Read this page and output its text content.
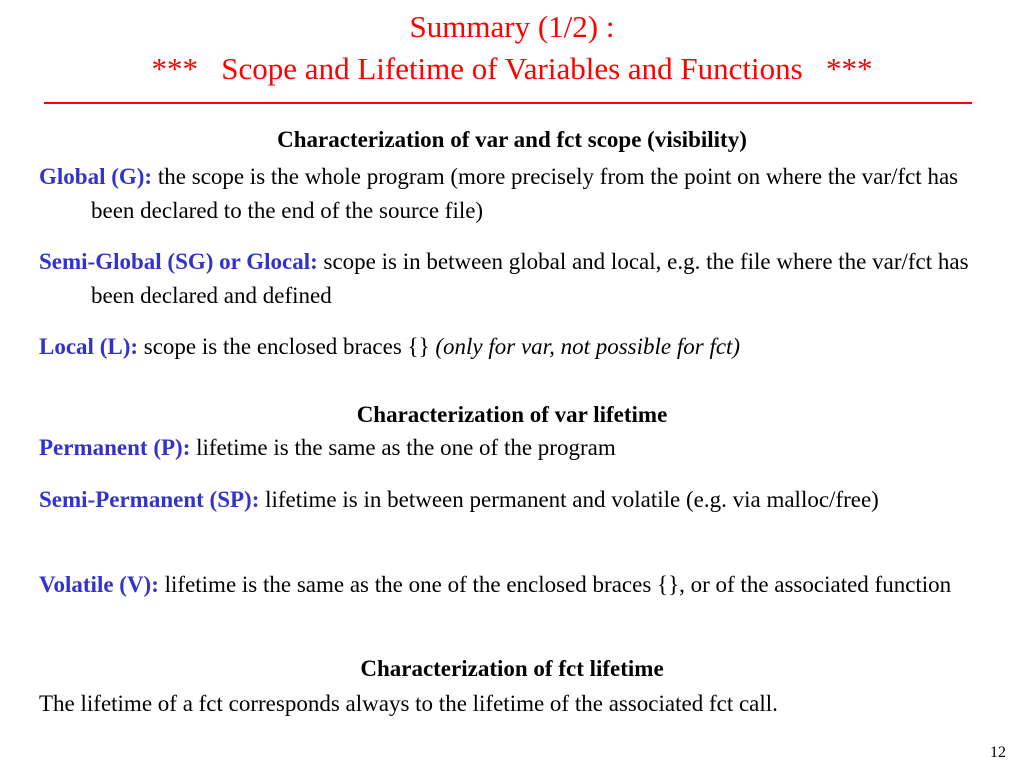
Summary (1/2) :
***   Scope and Lifetime of Variables and Functions   ***
Characterization of var and fct scope (visibility)
Global (G): the scope is the whole program (more precisely from the point on where the var/fct has been declared to the end of the source file)
Semi-Global (SG) or Glocal: scope is in between global and local, e.g. the file where the var/fct has been declared and defined
Local (L): scope is the enclosed braces {} (only for var, not possible for fct)
Characterization of var lifetime
Permanent (P): lifetime is the same as the one of the program
Semi-Permanent (SP): lifetime is in between permanent and volatile (e.g. via malloc/free)
Volatile (V): lifetime is the same as the one of the enclosed braces {}, or of the associated function
Characterization of fct lifetime
The lifetime of a fct corresponds always to the lifetime of the associated fct call.
12
